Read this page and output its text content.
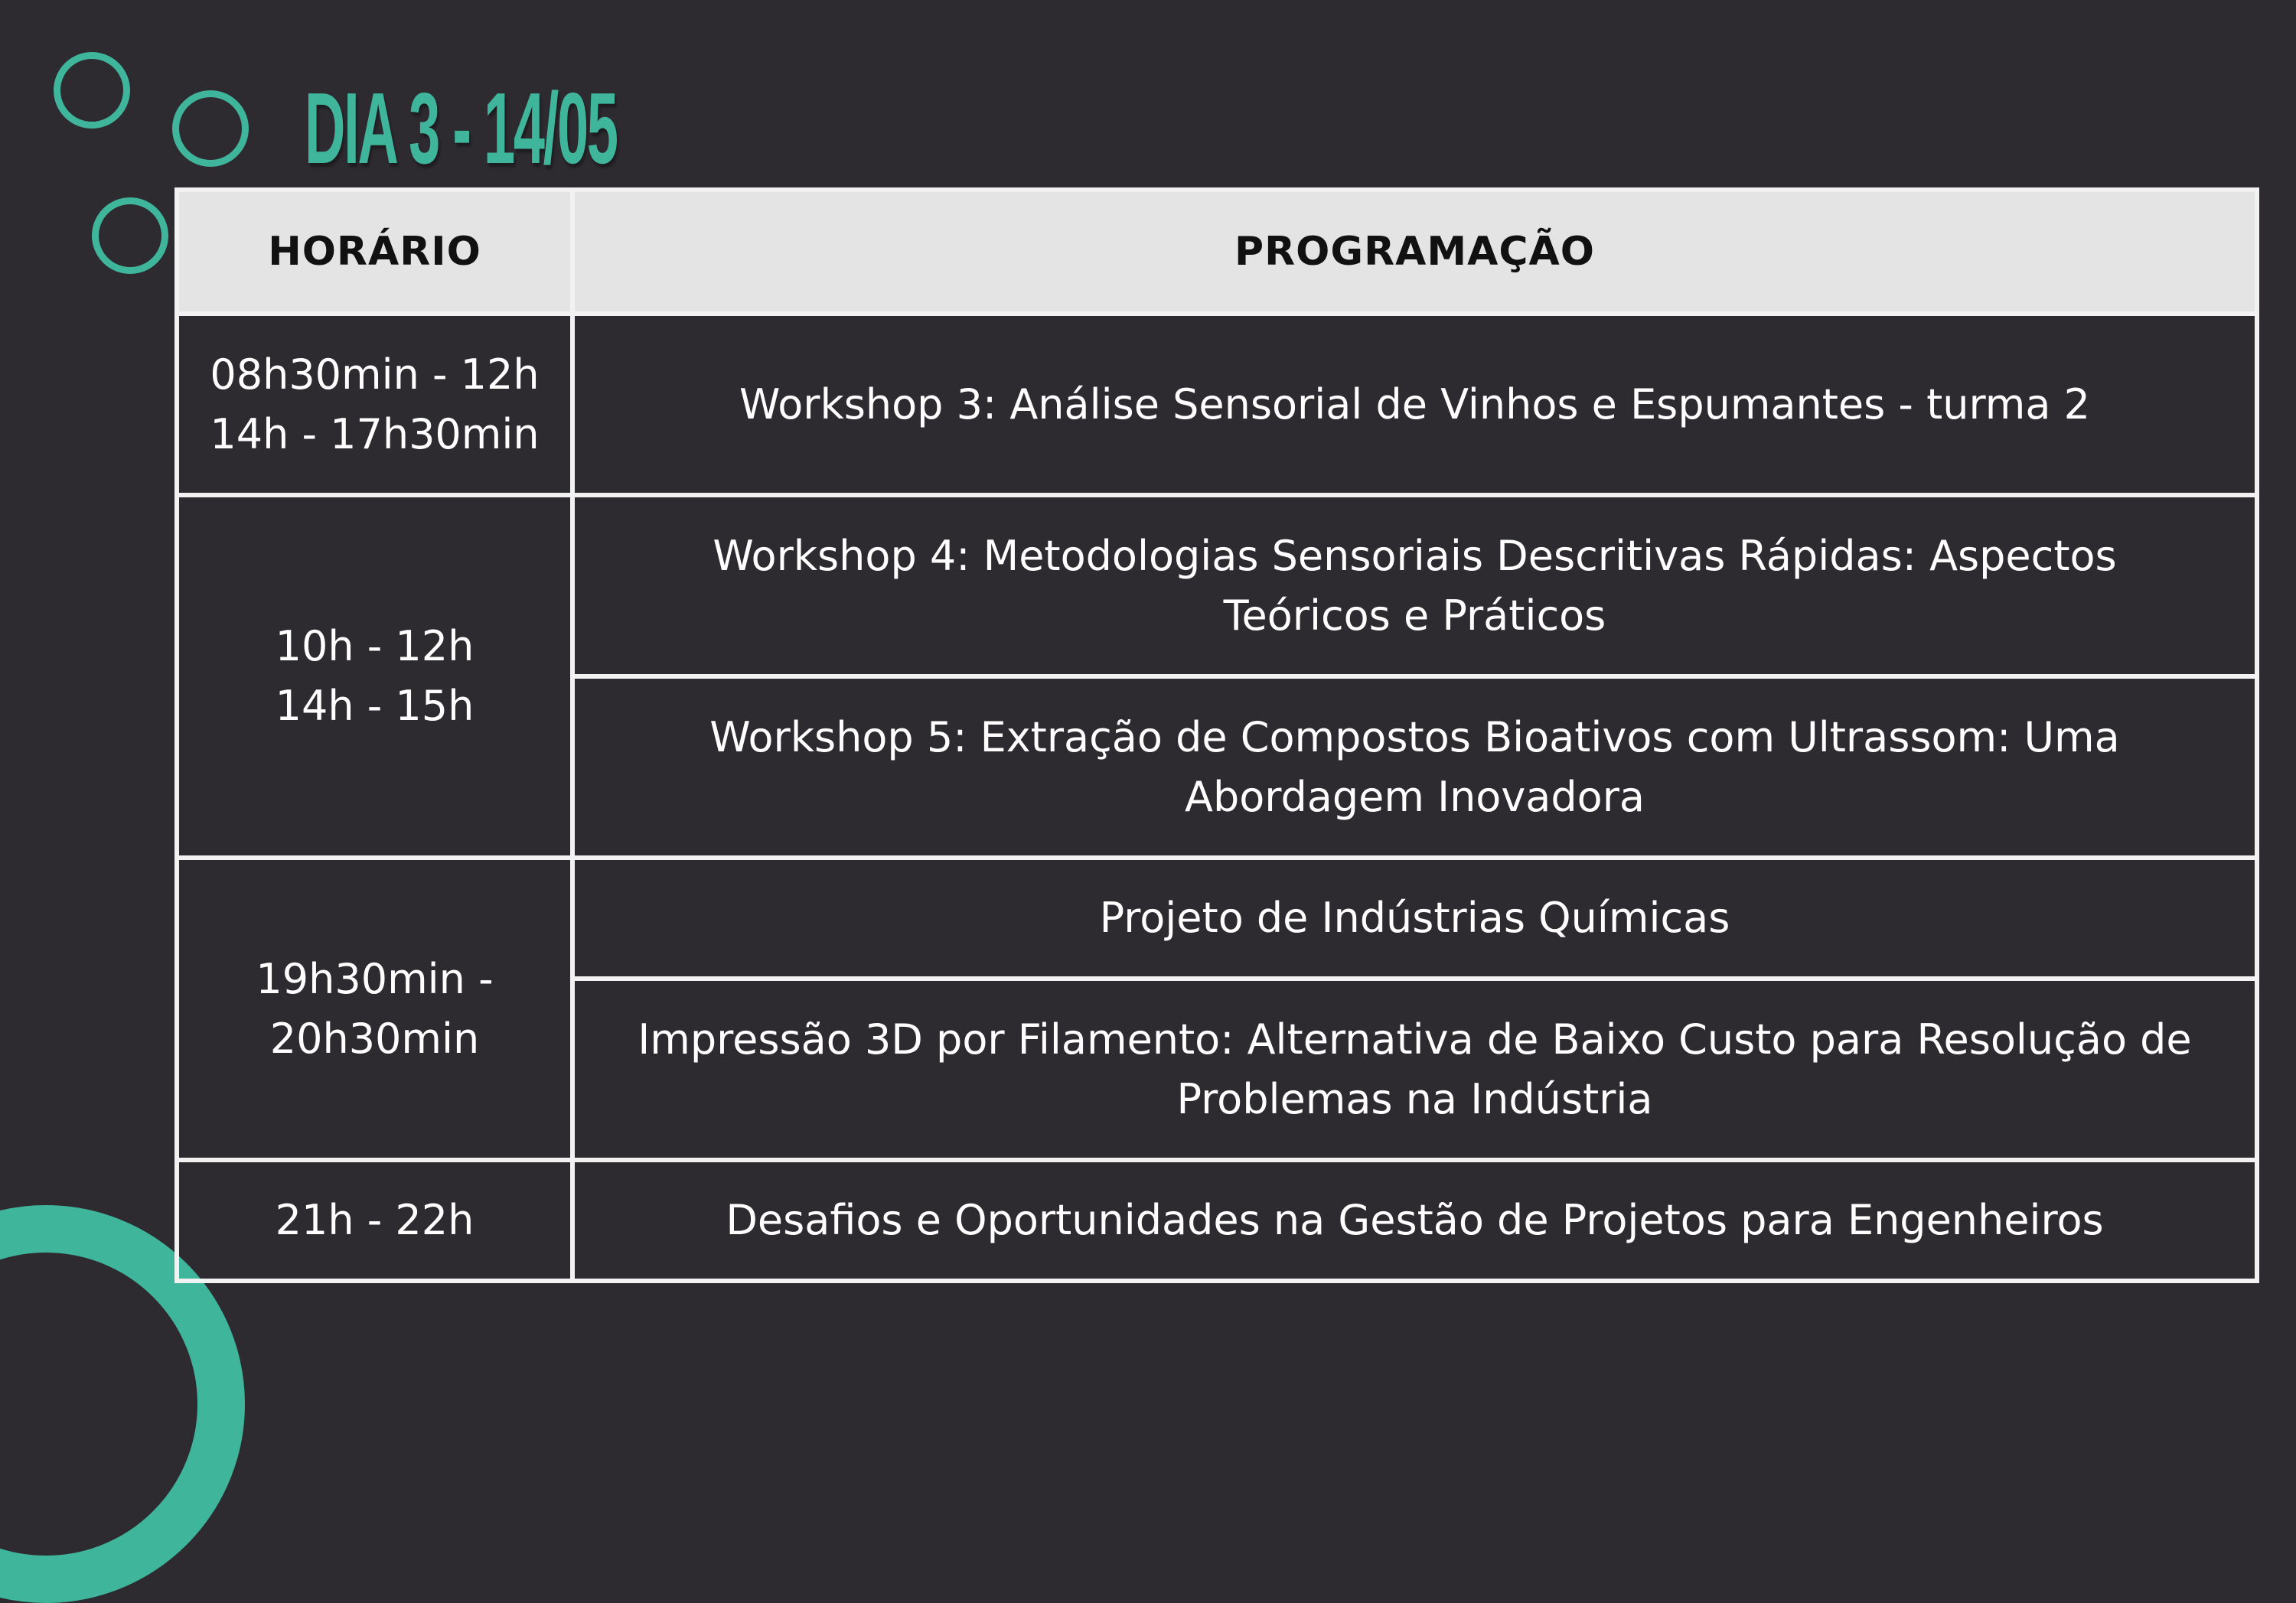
DIA 3 - 14/05
HORÁRIO	PROGRAMAÇÃO

08h30min - 12h
14h - 17h30min	Workshop 3: Análise Sensorial de Vinhos e Espumantes - turma 2

10h - 12h
14h - 15h	Workshop 4: Metodologias Sensoriais Descritivas Rápidas: Aspectos
Teóricos e Práticos

	Workshop 5: Extração de Compostos Bioativos com Ultrassom: Uma
Abordagem Inovadora

19h30min -
20h30min	Projeto de Indústrias Químicas

	Impressão 3D por Filamento: Alternativa de Baixo Custo para Resolução de
Problemas na Indústria

21h - 22h	Desafios e Oportunidades na Gestão de Projetos para Engenheiros
